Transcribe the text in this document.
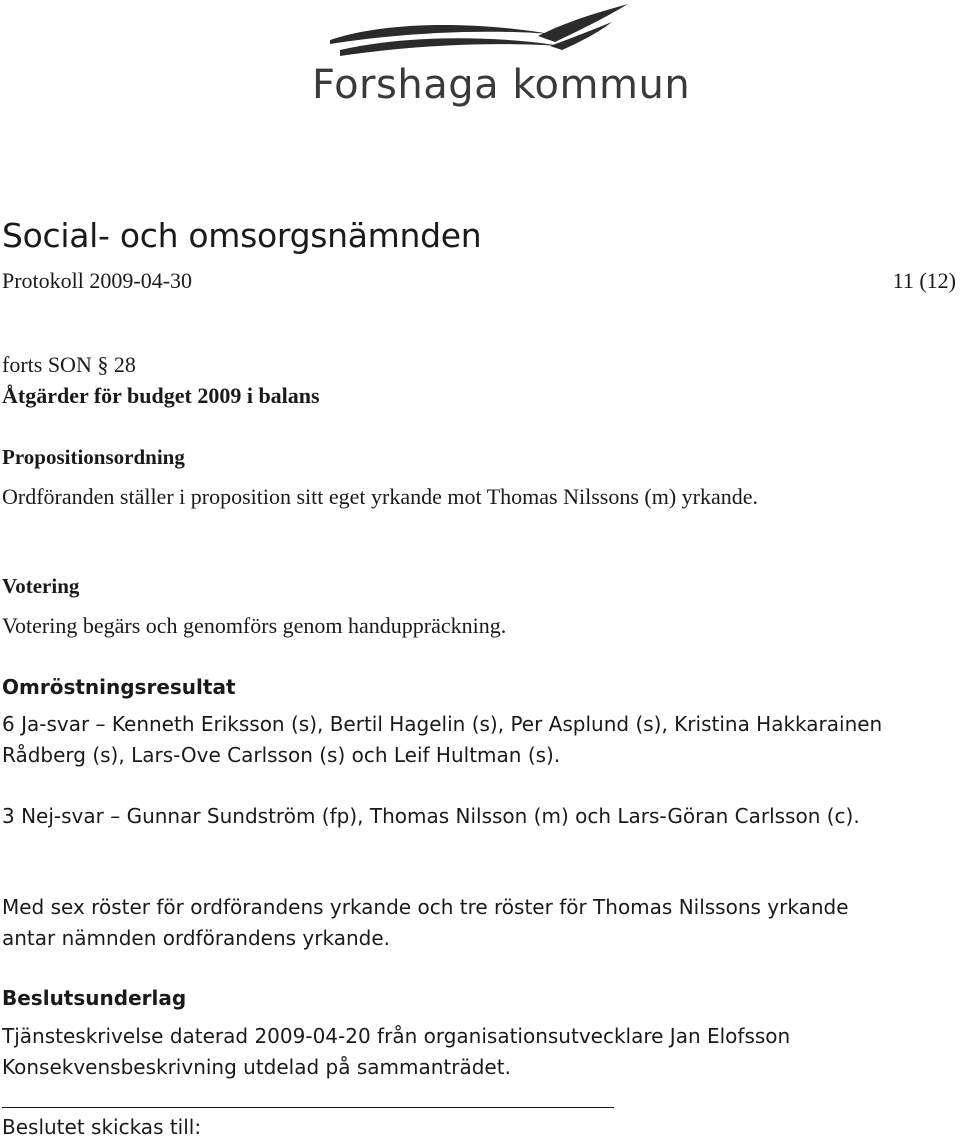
Forshaga kommun
Social- och omsorgsnämnden
Protokoll 2009-04-30	11 (12)
forts SON § 28
Åtgärder för budget 2009 i balans
Propositionsordning
Ordföranden ställer i proposition sitt eget yrkande mot Thomas Nilssons (m) yrkande.
Votering
Votering begärs och genomförs genom handuppräckning.
Omröstningsresultat
6 Ja-svar – Kenneth Eriksson (s), Bertil Hagelin (s), Per Asplund (s), Kristina Hakkarainen Rådberg (s), Lars-Ove Carlsson (s) och Leif Hultman (s).
3 Nej-svar – Gunnar Sundström (fp), Thomas Nilsson (m) och Lars-Göran Carlsson (c).
Med sex röster för ordförandens yrkande och tre röster för Thomas Nilssons yrkande antar nämnden ordförandens yrkande.
Beslutsunderlag
Tjänsteskrivelse daterad 2009-04-20 från organisationsutvecklare Jan Elofsson
Konsekvensbeskrivning utdelad på sammanträdet.
Beslutet skickas till:
